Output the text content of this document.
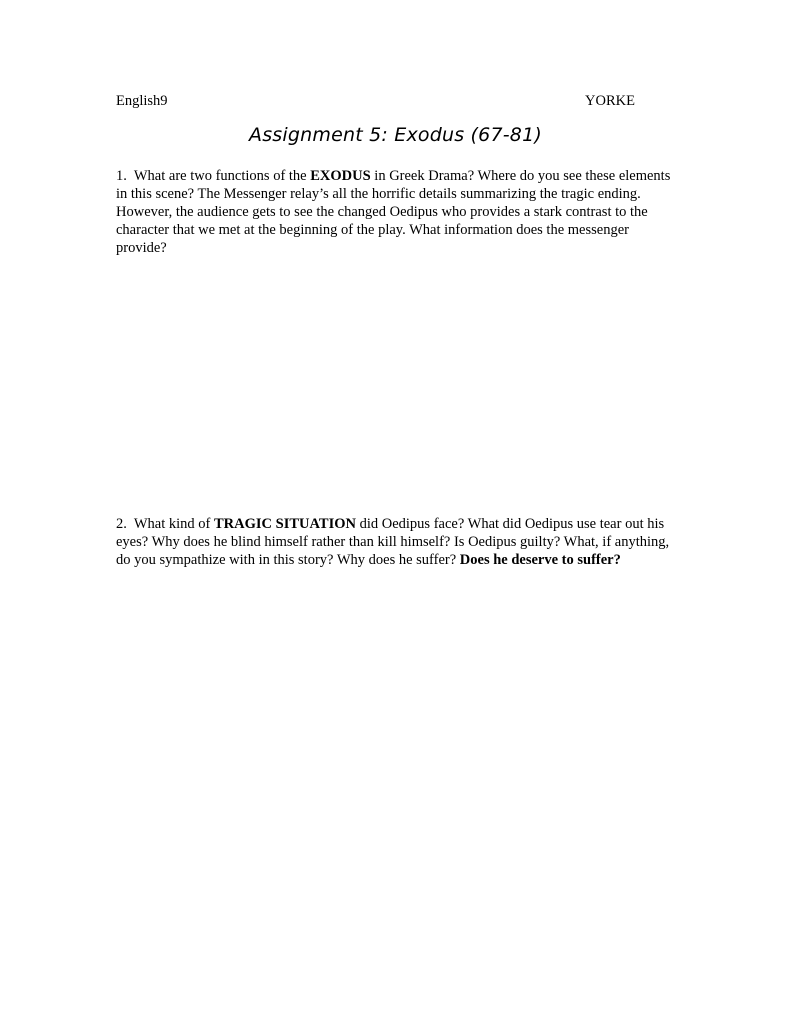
English9	YORKE
Assignment 5: Exodus (67-81)
1. What are two functions of the EXODUS in Greek Drama? Where do you see these elements in this scene? The Messenger relay’s all the horrific details summarizing the tragic ending. However, the audience gets to see the changed Oedipus who provides a stark contrast to the character that we met at the beginning of the play. What information does the messenger provide?
2. What kind of TRAGIC SITUATION did Oedipus face? What did Oedipus use tear out his eyes? Why does he blind himself rather than kill himself? Is Oedipus guilty? What, if anything, do you sympathize with in this story? Why does he suffer? Does he deserve to suffer?
